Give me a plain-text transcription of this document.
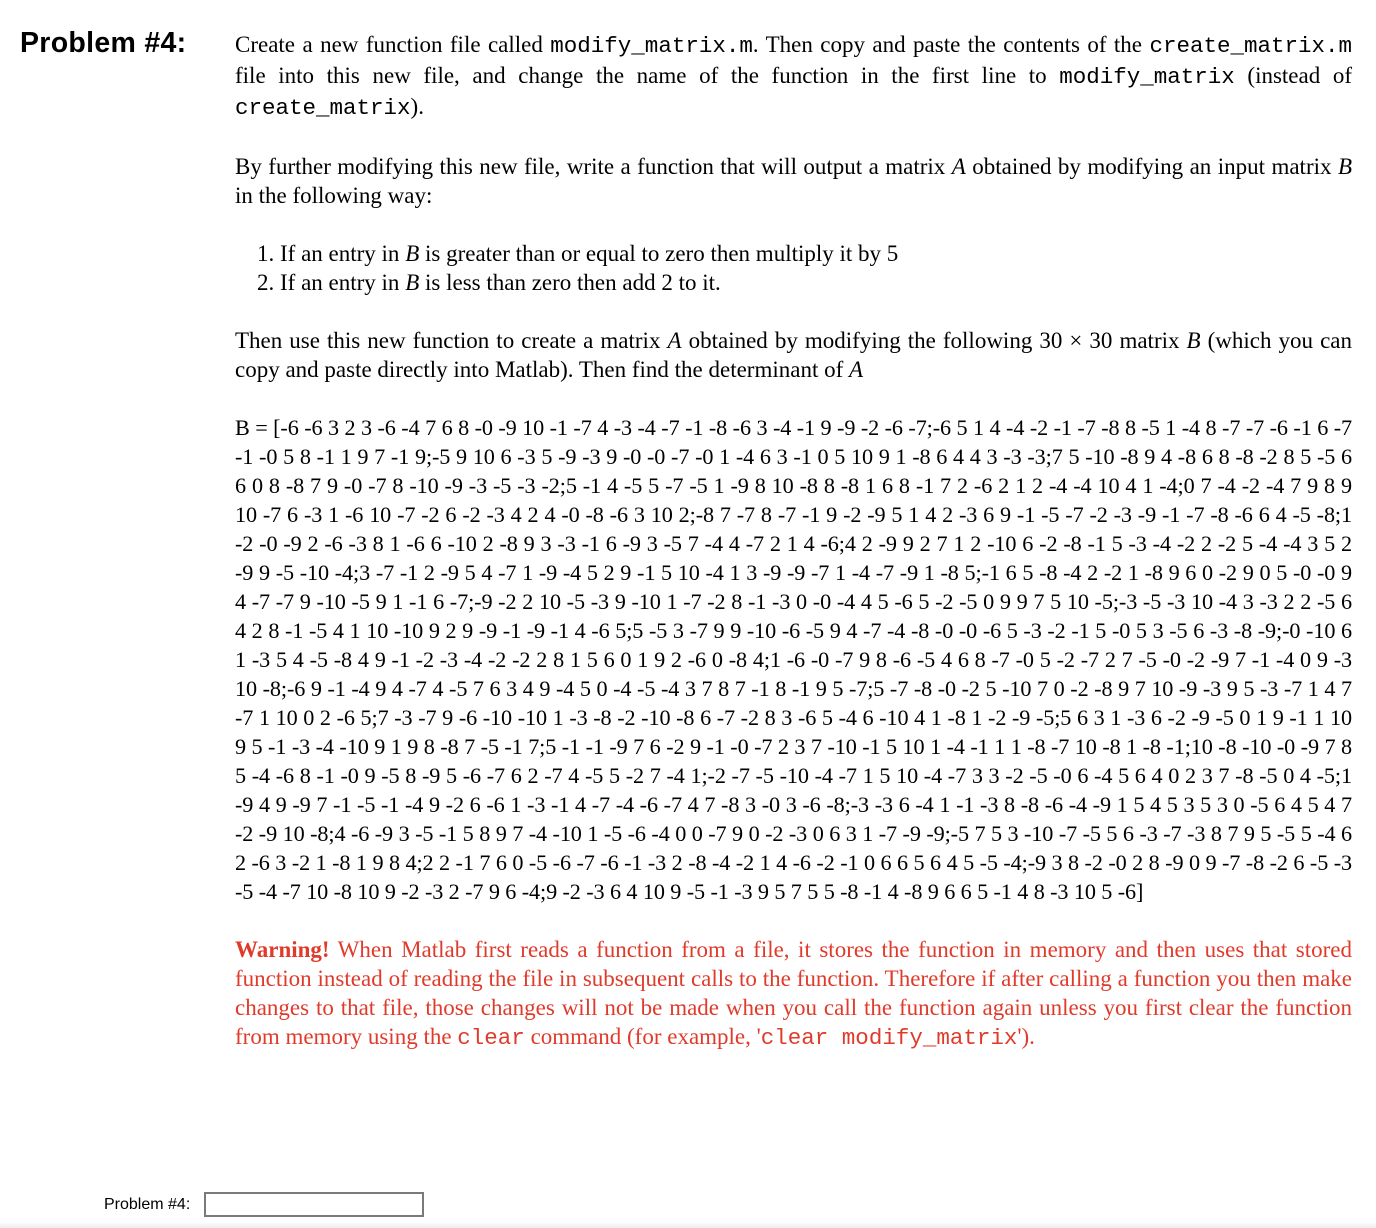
Problem #4: Create a new function file called modify_matrix.m. Then copy and paste the contents of the create_matrix.m file into this new file, and change the name of the function in the first line to modify_matrix (instead of create_matrix).

By further modifying this new file, write a function that will output a matrix A obtained by modifying an input matrix B in the following way:

1. If an entry in B is greater than or equal to zero then multiply it by 5
2. If an entry in B is less than zero then add 2 to it.

Then use this new function to create a matrix A obtained by modifying the following 30 × 30 matrix B (which you can copy and paste directly into Matlab). Then find the determinant of A

B = [-6 -6 3 2 3 -6 -4 7 6 8 -0 -9 10 -1 -7 4 -3 -4 -7 -1 -8 -6 3 -4 -1 9 -9 -2 -6 -7;-6 5 1 4 -4 -2 -1 -7 -8 8 -5 1 -4 8 -7 -7 -6 -1 6 -7 -1 -0 5 8 -1 1 9 7 -1 9;-5 9 10 6 -3 5 -9 -3 9 -0 -0 -7 -0 1 -4 6 3 -1 0 5 10 9 1 -8 6 4 4 3 -3 -3;7 5 -10 -8 9 4 -8 6 8 -8 -2 8 5 -5 6 6 0 8 -8 7 9 -0 -7 8 -10 -9 -3 -5 -3 -2;5 -1 4 -5 5 -7 -5 1 -9 8 10 -8 8 -8 1 6 8 -1 7 2 -6 2 1 2 -4 -4 10 4 1 -4;0 7 -4 -2 -4 7 9 8 9 10 -7 6 -3 1 -6 10 -7 -2 6 -2 -3 4 2 4 -0 -8 -6 3 10 2;-8 7 -7 8 -7 -1 9 -2 -9 5 1 4 2 -3 6 9 -1 -5 -7 -2 -3 -9 -1 -7 -8 -6 6 4 -5 -8;1 -2 -0 -9 2 -6 -3 8 1 -6 6 -10 2 -8 9 3 -3 -1 6 -9 3 -5 7 -4 4 -7 2 1 4 -6;4 2 -9 9 2 7 1 2 -10 6 -2 -8 -1 5 -3 -4 -2 2 -2 5 -4 -4 3 5 2 -9 9 -5 -10 -4;3 -7 -1 2 -9 5 4 -7 1 -9 -4 5 2 9 -1 5 10 -4 1 3 -9 -9 -7 1 -4 -7 -9 1 -8 5;-1 6 5 -8 -4 2 -2 1 -8 9 6 0 -2 9 0 5 -0 -0 9 4 -7 -7 9 -10 -5 9 1 -1 6 -7;-9 -2 2 10 -5 -3 9 -10 1 -7 -2 8 -1 -3 0 -0 -4 4 5 -6 5 -2 -5 0 9 9 7 5 10 -5;-3 -5 -3 10 -4 3 -3 2 2 -5 6 4 2 8 -1 -5 4 1 10 -10 9 2 9 -9 -1 -9 -1 4 -6 5;5 -5 3 -7 9 9 -10 -6 -5 9 4 -7 -4 -8 -0 -0 -6 5 -3 -2 -1 5 -0 5 3 -5 6 -3 -8 -9;-0 -10 6 1 -3 5 4 -5 -8 4 9 -1 -2 -3 -4 -2 -2 2 8 1 5 6 0 1 9 2 -6 0 -8 4;1 -6 -0 -7 9 8 -6 -5 4 6 8 -7 -0 5 -2 -7 2 7 -5 -0 -2 -9 7 -1 -4 0 9 -3 10 -8;-6 9 -1 -4 9 4 -7 4 -5 7 6 3 4 9 -4 5 0 -4 -5 -4 3 7 8 7 -1 8 -1 9 5 -7;5 -7 -8 -0 -2 5 -10 7 0 -2 -8 9 7 10 -9 -3 9 5 -3 -7 1 4 7 -7 1 10 0 2 -6 5;7 -3 -7 9 -6 -10 -10 1 -3 -8 -2 -10 -8 6 -7 -2 8 3 -6 5 -4 6 -10 4 1 -8 1 -2 -9 -5;5 6 3 1 -3 6 -2 -9 -5 0 1 9 -1 1 10 9 5 -1 -3 -4 -10 9 1 9 8 -8 7 -5 -1 7;5 -1 -1 -9 7 6 -2 9 -1 -0 -7 2 3 7 -10 -1 5 10 1 -4 -1 1 1 -8 -7 10 -8 1 -8 -1;10 -8 -10 -0 -9 7 8 5 -4 -6 8 -1 -0 9 -5 8 -9 5 -6 -7 6 2 -7 4 -5 5 -2 7 -4 1;-2 -7 -5 -10 -4 -7 1 5 10 -4 -7 3 3 -2 -5 -0 6 -4 5 6 4 0 2 3 7 -8 -5 0 4 -5;1 -9 4 9 -9 7 -1 -5 -1 -4 9 -2 6 -6 1 -3 -1 4 -7 -4 -6 -7 4 7 -8 3 -0 3 -6 -8;-3 -3 6 -4 1 -1 -3 8 -8 -6 -4 -9 1 5 4 5 3 5 3 0 -5 6 4 5 4 7 -2 -9 10 -8;4 -6 -9 3 -5 -1 5 8 9 7 -4 -10 1 -5 -6 -4 0 0 -7 9 0 -2 -3 0 6 3 1 -7 -9 -9;-5 7 5 3 -10 -7 -5 5 6 -3 -7 -3 8 7 9 5 -5 5 -4 6 2 -6 3 -2 1 -8 1 9 8 4;2 2 -1 7 6 0 -5 -6 -7 -6 -1 -3 2 -8 -4 -2 1 4 -6 -2 -1 0 6 6 5 6 4 5 -5 -4;-9 3 8 -2 -0 2 8 -9 0 9 -7 -8 -2 6 -5 -3 -5 -4 -7 10 -8 10 9 -2 -3 2 -7 9 6 -4;9 -2 -3 6 4 10 9 -5 -1 -3 9 5 7 5 5 -8 -1 4 -8 9 6 6 5 -1 4 8 -3 10 5 -6]

Warning! When Matlab first reads a function from a file, it stores the function in memory and then uses that stored function instead of reading the file in subsequent calls to the function. Therefore if after calling a function you then make changes to that file, those changes will not be made when you call the function again unless you first clear the function from memory using the clear command (for example, 'clear modify_matrix').

Problem #4:
